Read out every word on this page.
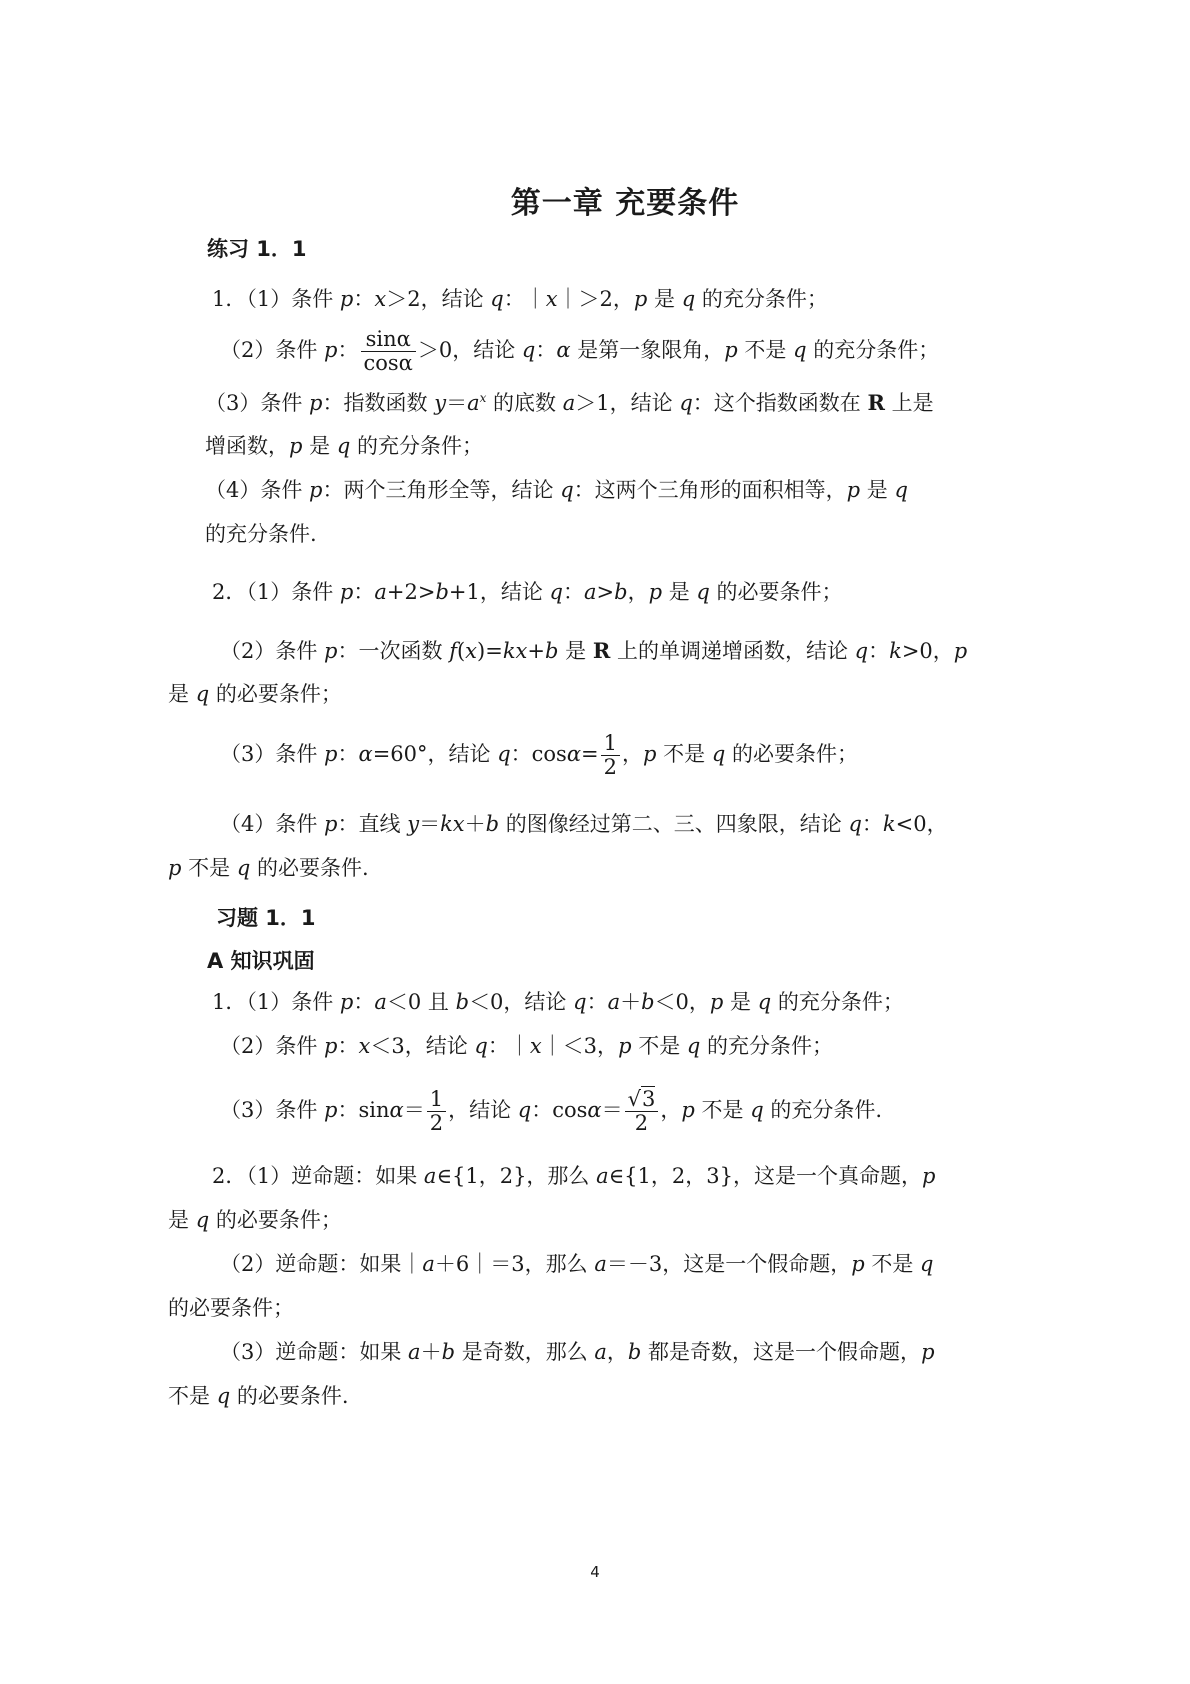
第一章 充要条件
练习 1．1
1．（1）条件 p：x＞2，结论 q：｜x｜＞2，p 是 q 的充分条件；
（2）条件 p： $\frac{\sin\alpha}{\cos\alpha} >0$，结论 q：α 是第一象限角，p 不是 q 的充分条件；
（3）条件 p：指数函数 $y=a^x$ 的底数 a＞1，结论 q：这个指数函数在 R 上是
增函数，p 是 q 的充分条件；
（4）条件 p：两个三角形全等，结论 q：这两个三角形的面积相等，p 是 q
的充分条件.
2．（1）条件 p：a+2>b+1，结论 q：a>b，p 是 q 的必要条件；
（2）条件 p：一次函数 f(x)=kx+b 是 R 上的单调递增函数，结论 q：k>0，p
是 q 的必要条件；
（3）条件 p：α=60°，结论 q：$\cos\alpha= \frac{1}{2}$ ，p 不是 q 的必要条件；
（4）条件 p：直线 y＝kx＋b 的图像经过第二、三、四象限，结论 q：k<0，
p 不是 q 的必要条件.
习题 1．1
A 知识巩固
1．（1）条件 p：a＜0 且 b＜0，结论 q：a＋b＜0，p 是 q 的充分条件；
（2）条件 p：x＜3，结论 q：｜x｜＜3，p 不是 q 的充分条件；
（3）条件 p：$\sin\alpha= \frac{1}{2}$ ，结论 q：$\cos\alpha= \frac{√3}{2}$ ，p 不是 q 的充分条件.
2．（1）逆命题：如果 a∈{1，2}，那么 a∈{1，2，3}，这是一个真命题，p
是 q 的必要条件；
（2）逆命题：如果｜a＋6｜＝3，那么 a＝－3，这是一个假命题，p 不是 q
的必要条件；
（3）逆命题：如果 a＋b 是奇数，那么 a，b 都是奇数，这是一个假命题，p
不是 q 的必要条件.
4
